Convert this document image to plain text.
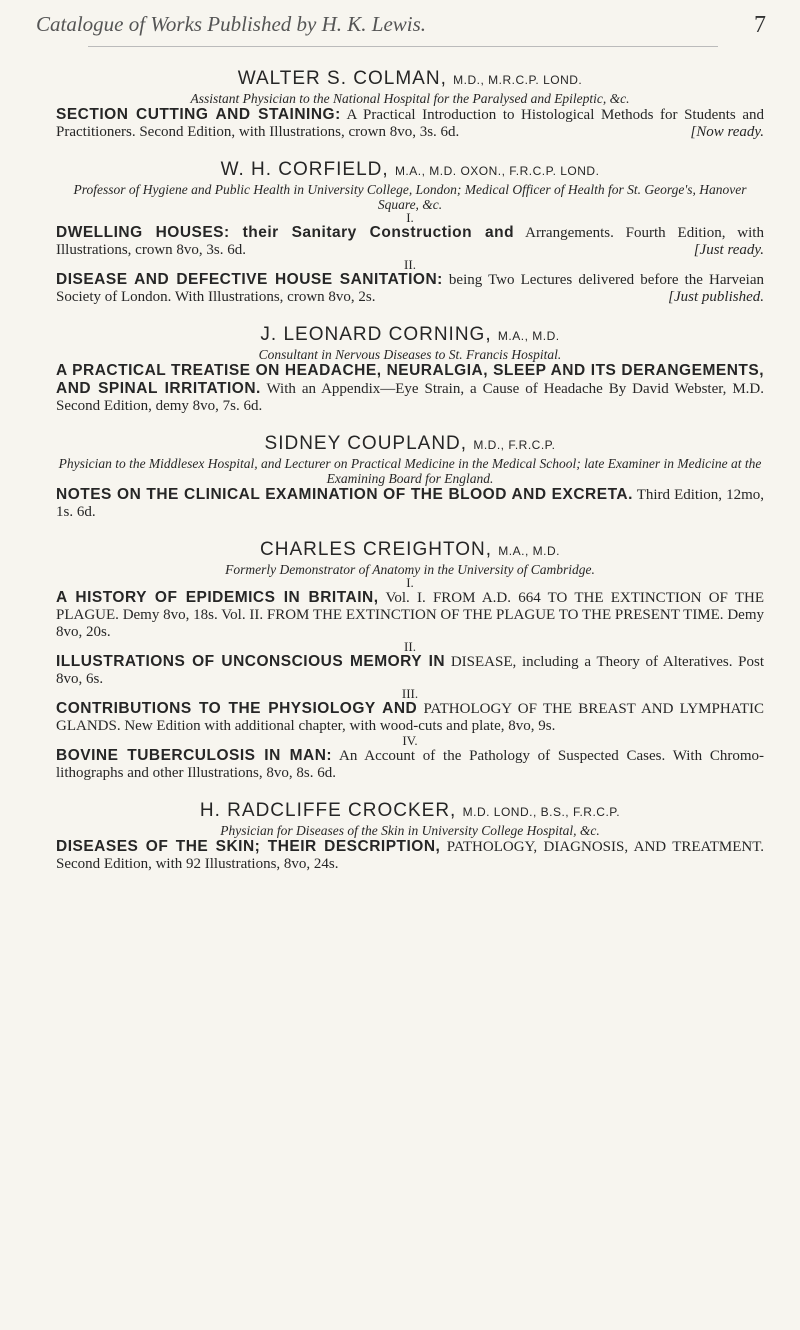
Catalogue of Works Published by H. K. Lewis.	7
WALTER S. COLMAN, M.D., M.R.C.P. LOND.
Assistant Physician to the National Hospital for the Paralysed and Epileptic, &c.
SECTION CUTTING AND STAINING: A Practical Introduction to Histological Methods for Students and Practitioners. Second Edition, with Illustrations, crown 8vo, 3s. 6d.	[Now ready.
W. H. CORFIELD, M.A., M.D. OXON., F.R.C.P. LOND.
Professor of Hygiene and Public Health in University College, London; Medical Officer of Health for St. George's, Hanover Square, &c.
I.
DWELLING HOUSES: their Sanitary Construction and Arrangements. Fourth Edition, with Illustrations, crown 8vo, 3s. 6d.	[Just ready.
II.
DISEASE AND DEFECTIVE HOUSE SANITATION: being Two Lectures delivered before the Harveian Society of London. With Illustrations, crown 8vo, 2s.	[Just published.
J. LEONARD CORNING, M.A., M.D.
Consultant in Nervous Diseases to St. Francis Hospital.
A PRACTICAL TREATISE ON HEADACHE, NEURALGIA, SLEEP AND ITS DERANGEMENTS, AND SPINAL IRRITATION. With an Appendix—Eye Strain, a Cause of Headache By David Webster, M.D. Second Edition, demy 8vo, 7s. 6d.
SIDNEY COUPLAND, M.D., F.R.C.P.
Physician to the Middlesex Hospital, and Lecturer on Practical Medicine in the Medical School; late Examiner in Medicine at the Examining Board for England.
NOTES ON THE CLINICAL EXAMINATION OF THE BLOOD AND EXCRETA. Third Edition, 12mo, 1s. 6d.
CHARLES CREIGHTON, M.A., M.D.
Formerly Demonstrator of Anatomy in the University of Cambridge.
I.
A HISTORY OF EPIDEMICS IN BRITAIN, Vol. I. FROM A.D. 664 TO THE EXTINCTION OF THE PLAGUE. Demy 8vo, 18s. Vol. II. FROM THE EXTINCTION OF THE PLAGUE TO THE PRESENT TIME. Demy 8vo, 20s.
II.
ILLUSTRATIONS OF UNCONSCIOUS MEMORY IN DISEASE, including a Theory of Alteratives. Post 8vo, 6s.
III.
CONTRIBUTIONS TO THE PHYSIOLOGY AND PATHOLOGY OF THE BREAST AND LYMPHATIC GLANDS. New Edition with additional chapter, with wood-cuts and plate, 8vo, 9s.
IV.
BOVINE TUBERCULOSIS IN MAN: An Account of the Pathology of Suspected Cases. With Chromo-lithographs and other Illustrations, 8vo, 8s. 6d.
H. RADCLIFFE CROCKER, M.D. LOND., B.S., F.R.C.P.
Physician for Diseases of the Skin in University College Hospital, &c.
DISEASES OF THE SKIN; THEIR DESCRIPTION, PATHOLOGY, DIAGNOSIS, AND TREATMENT. Second Edition, with 92 Illustrations, 8vo, 24s.
